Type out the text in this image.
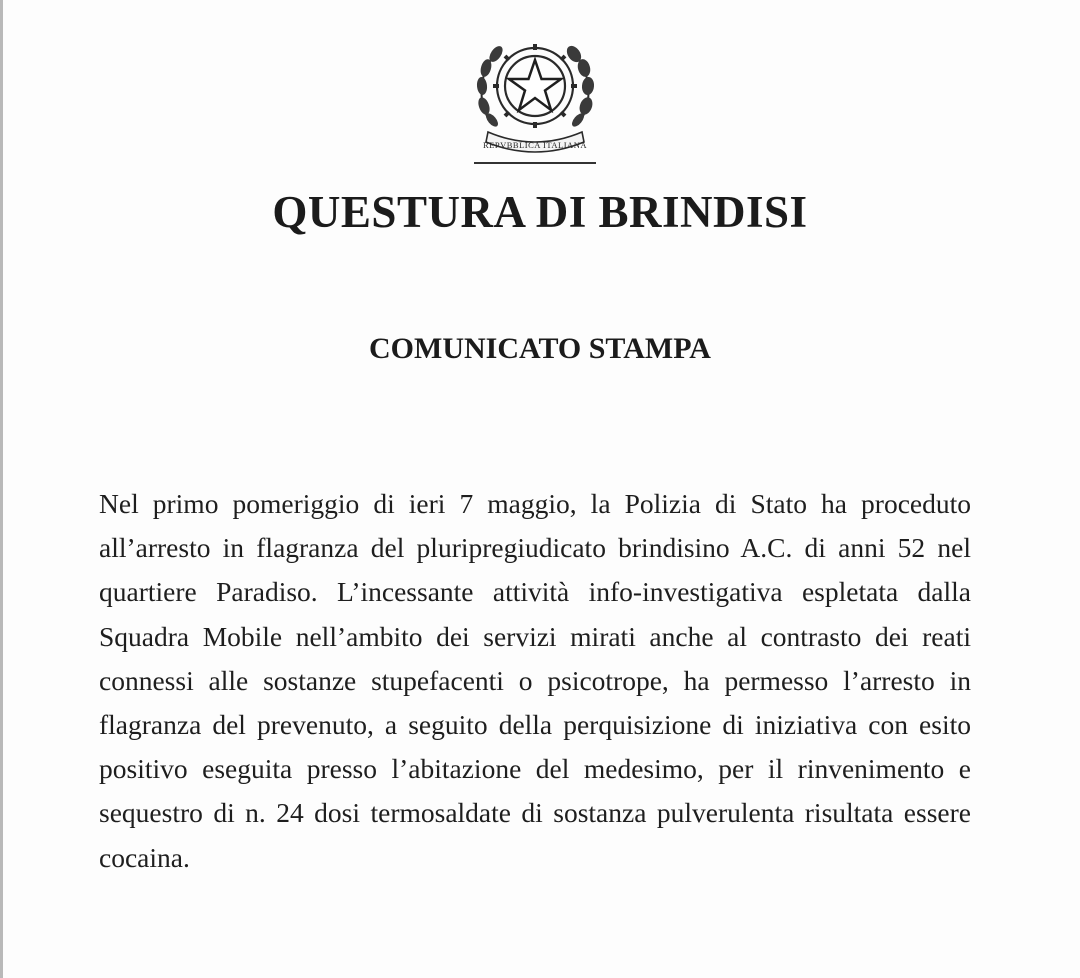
REPVBBLICA ITALIANA
QUESTURA DI BRINDISI
COMUNICATO STAMPA

Nel primo pomeriggio di ieri 7 maggio, la Polizia di Stato ha proceduto all’arresto in flagranza del pluripregiudicato brindisino A.C. di anni 52 nel quartiere Paradiso. L’incessante attività info-investigativa espletata dalla Squadra Mobile nell’ambito dei servizi mirati anche al contrasto dei reati connessi alle sostanze stupefacenti o psicotrope, ha permesso l’arresto in flagranza del prevenuto, a seguito della perquisizione di iniziativa con esito positivo eseguita presso l’abitazione del medesimo, per il rinvenimento e sequestro di n. 24 dosi termosaldate di sostanza pulverulenta risultata essere cocaina.
